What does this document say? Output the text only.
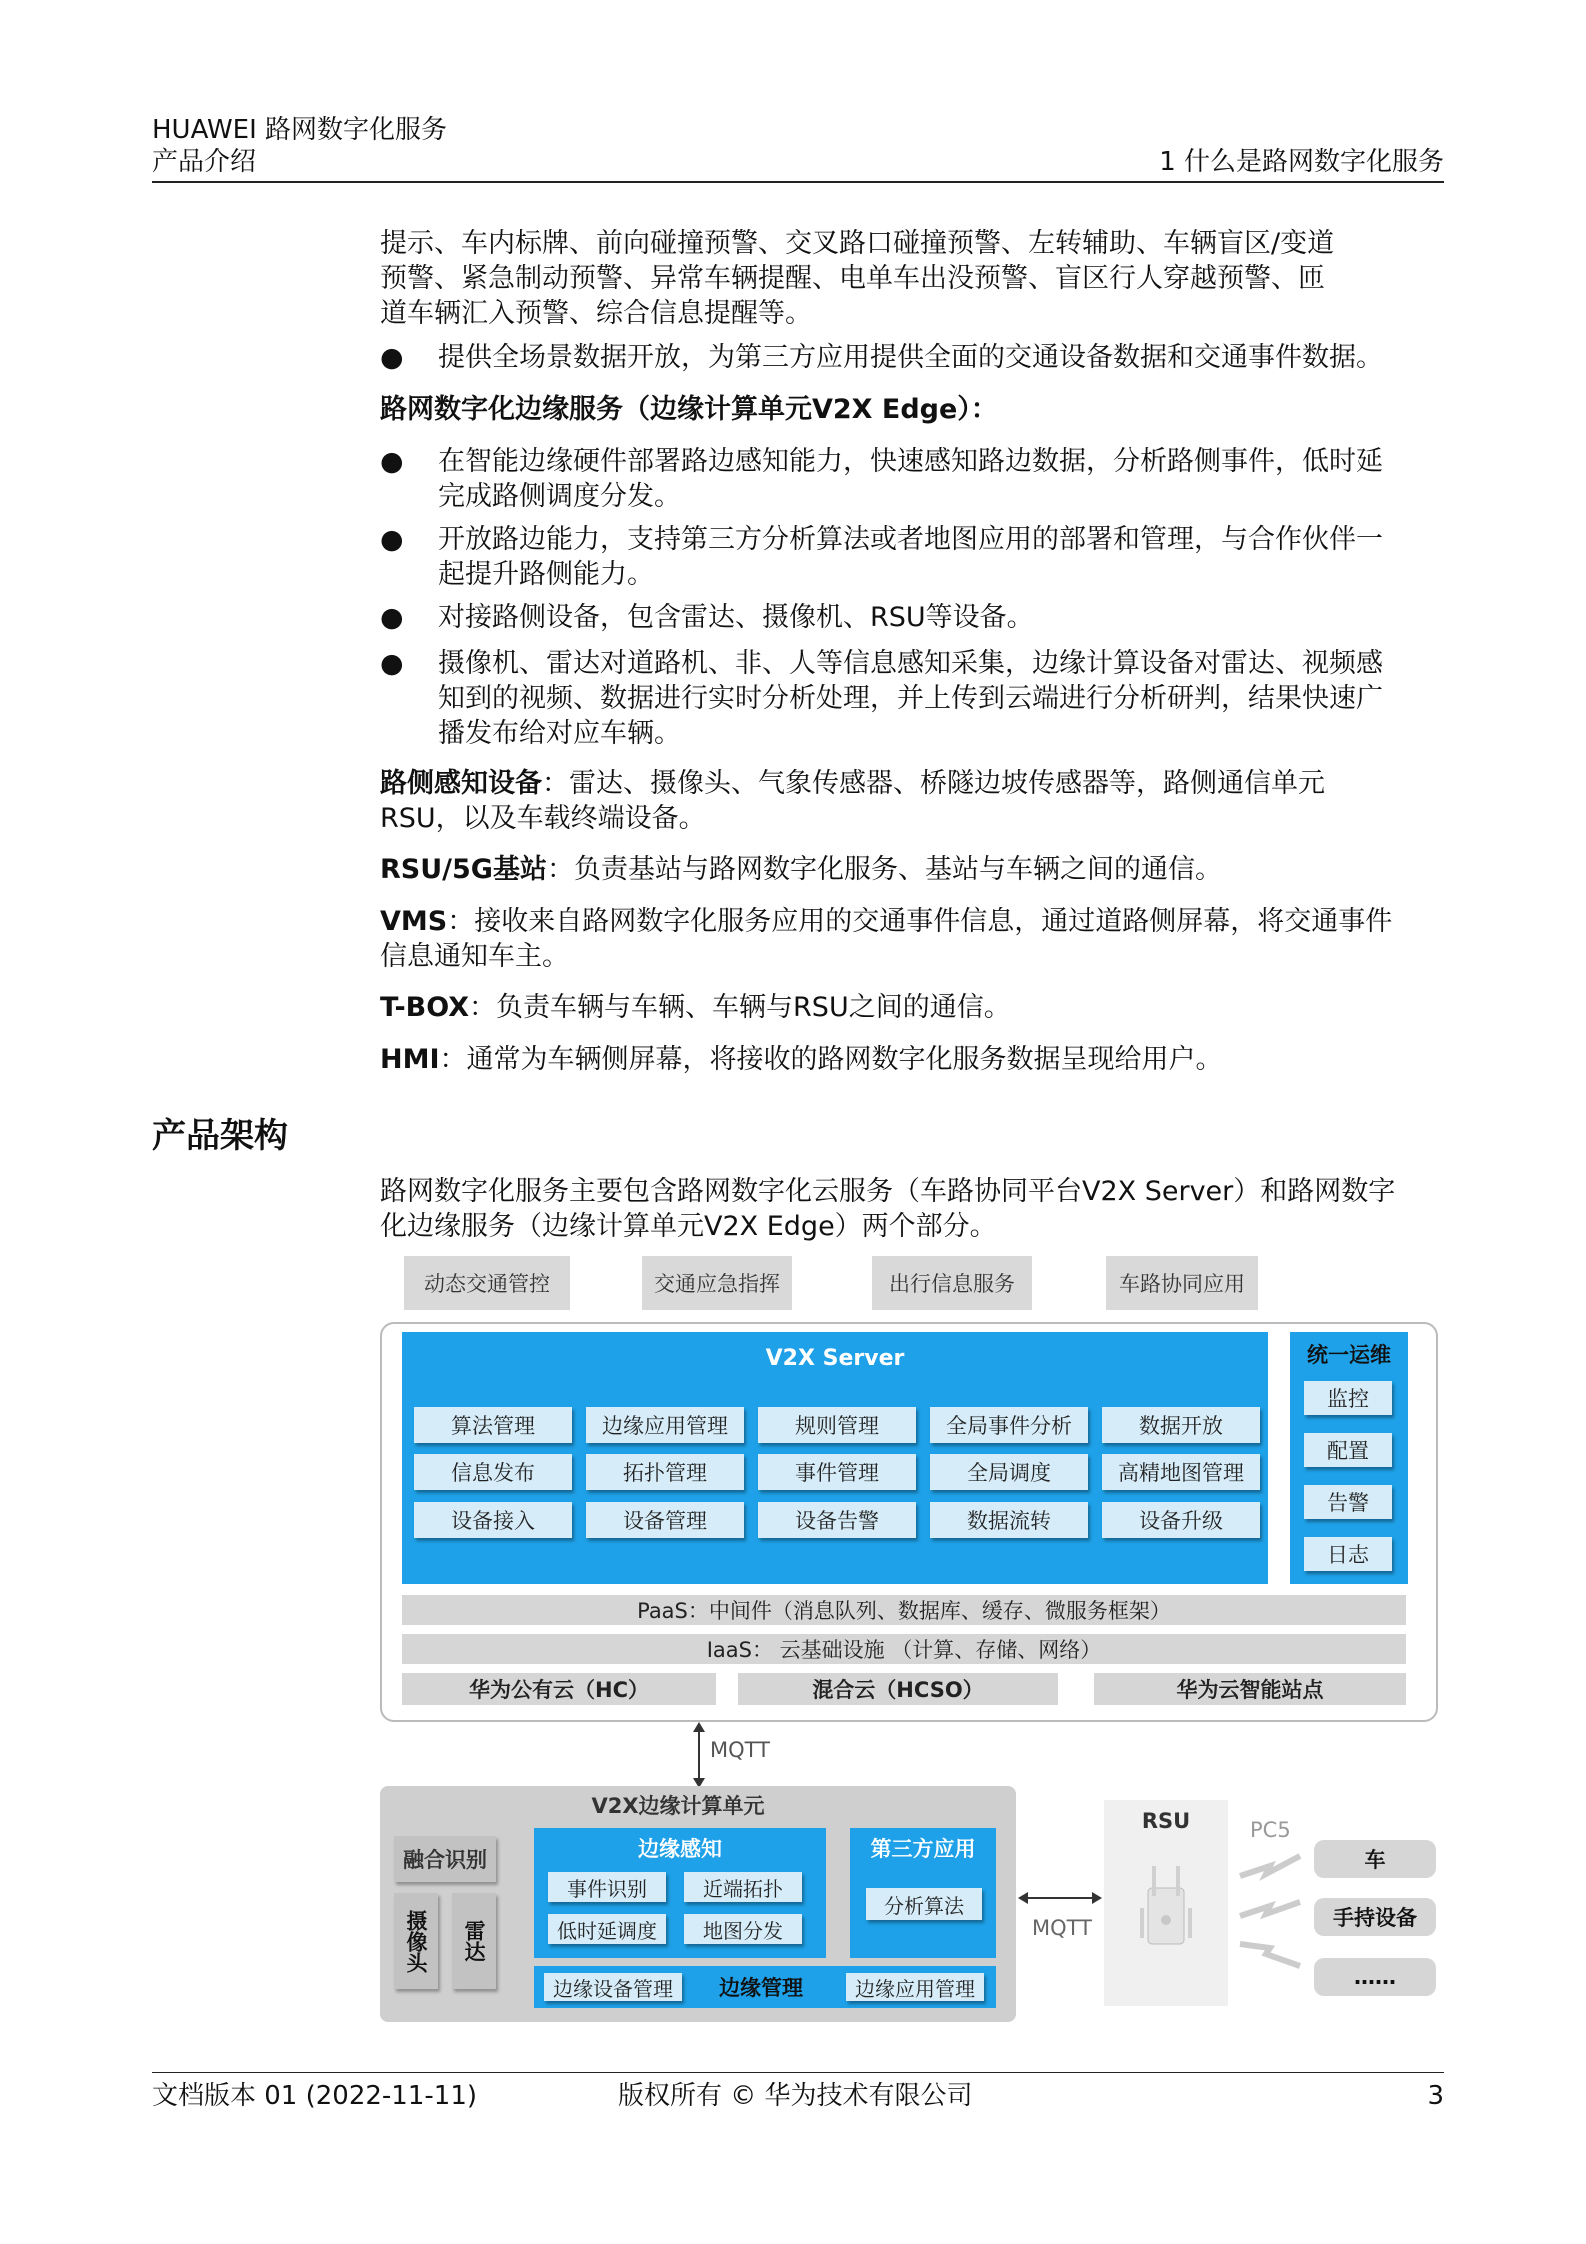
HUAWEI 路网数字化服务
产品介绍	1 什么是路网数字化服务
提示、车内标牌、前向碰撞预警、交叉路口碰撞预警、左转辅助、车辆盲区/变道
预警、紧急制动预警、异常车辆提醒、电单车出没预警、盲区行人穿越预警、匝
道车辆汇入预警、综合信息提醒等。
● 提供全场景数据开放，为第三方应用提供全面的交通设备数据和交通事件数据。
路网数字化边缘服务（边缘计算单元V2X Edge）：
● 在智能边缘硬件部署路边感知能力，快速感知路边数据，分析路侧事件，低时延
完成路侧调度分发。
● 开放路边能力，支持第三方分析算法或者地图应用的部署和管理，与合作伙伴一
起提升路侧能力。
● 对接路侧设备，包含雷达、摄像机、RSU等设备。
● 摄像机、雷达对道路机、非、人等信息感知采集，边缘计算设备对雷达、视频感
知到的视频、数据进行实时分析处理，并上传到云端进行分析研判，结果快速广
播发布给对应车辆。
路侧感知设备：雷达、摄像头、气象传感器、桥隧边坡传感器等，路侧通信单元
RSU，以及车载终端设备。
RSU/5G基站：负责基站与路网数字化服务、基站与车辆之间的通信。
VMS：接收来自路网数字化服务应用的交通事件信息，通过道路侧屏幕，将交通事件
信息通知车主。
T-BOX：负责车辆与车辆、车辆与RSU之间的通信。
HMI：通常为车辆侧屏幕，将接收的路网数字化服务数据呈现给用户。
产品架构
路网数字化服务主要包含路网数字化云服务（车路协同平台V2X Server）和路网数字
化边缘服务（边缘计算单元V2X Edge）两个部分。
动态交通管控	交通应急指挥	出行信息服务	车路协同应用
V2X Server
算法管理	边缘应用管理	规则管理	全局事件分析	数据开放
信息发布	拓扑管理	事件管理	全局调度	高精地图管理
设备接入	设备管理	设备告警	数据流转	设备升级
统一运维
监控
配置
告警
日志
PaaS：中间件（消息队列、数据库、缓存、微服务框架）
IaaS： 云基础设施 （计算、存储、网络）
华为公有云（HC）	混合云（HCSO）	华为云智能站点
MQTT
V2X边缘计算单元
融合识别
摄像头	雷达
边缘感知
事件识别	近端拓扑
低时延调度	地图分发
第三方应用
分析算法
边缘设备管理	边缘管理	边缘应用管理
MQTT
RSU	PC5
车
手持设备
……
文档版本 01 (2022-11-11)	版权所有 © 华为技术有限公司	3
